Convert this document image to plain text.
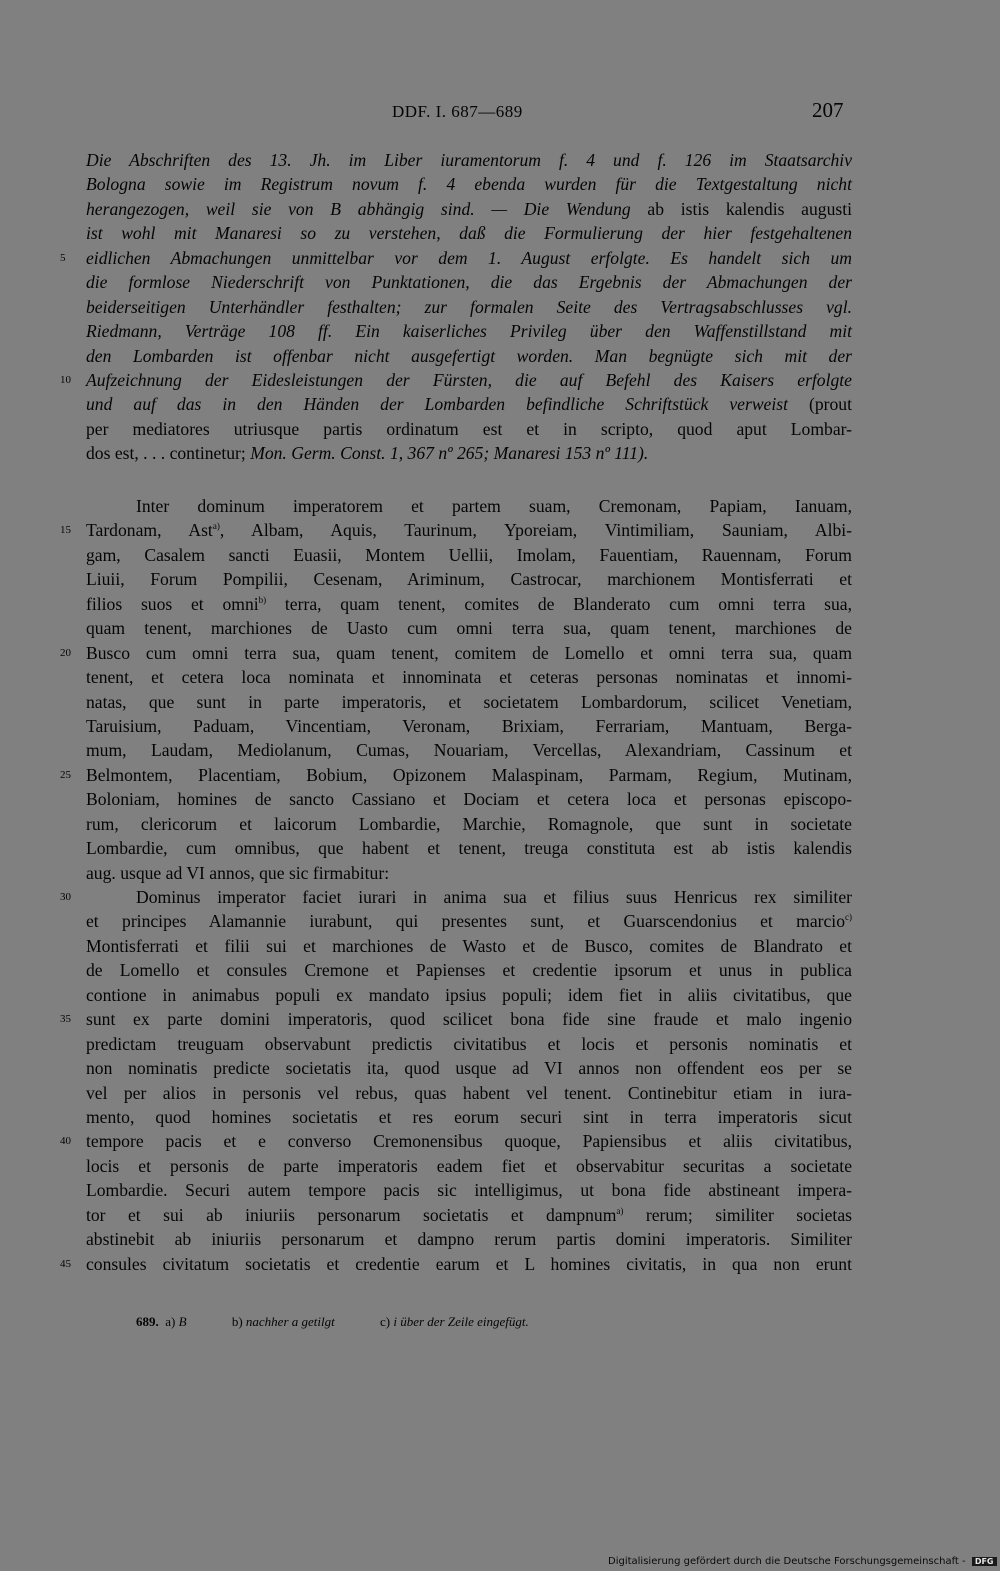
DDF. I. 687—689	207
Die Abschriften des 13. Jh. im Liber iuramentorum f. 4 und f. 126 im Staatsarchiv
Bologna sowie im Registrum novum f. 4 ebenda wurden für die Textgestaltung nicht
herangezogen, weil sie von B abhängig sind. — Die Wendung ab istis kalendis augusti
ist wohl mit Manaresi so zu verstehen, daß die Formulierung der hier festgehaltenen
5	eidlichen Abmachungen unmittelbar vor dem 1. August erfolgte. Es handelt sich um
die formlose Niederschrift von Punktationen, die das Ergebnis der Abmachungen der
beiderseitigen Unterhändler festhalten; zur formalen Seite des Vertragsabschlusses vgl.
Riedmann, Verträge 108 ff. Ein kaiserliches Privileg über den Waffenstillstand mit
den Lombarden ist offenbar nicht ausgefertigt worden. Man begnügte sich mit der
10 Aufzeichnung der Eidesleistungen der Fürsten, die auf Befehl des Kaisers erfolgte
und auf das in den Händen der Lombarden befindliche Schriftstück verweist (prout
per mediatores utriusque partis ordinatum est et in scripto, quod aput Lombar-
dos est, . . . continetur; Mon. Germ. Const. 1, 367 nº 265; Manaresi 153 nº 111).
Inter dominum imperatorem et partem suam, Cremonam, Papiam, Ianuam,
15 Tardonam, Ast$^{a)}$, Albam, Aquis, Taurinum, Yporeiam, Vintimiliam, Sauniam, Albi-
gam, Casalem sancti Euasii, Montem Uellii, Imolam, Fauentiam, Rauennam, Forum
Liuii, Forum Pompilii, Cesenam, Ariminum, Castrocar, marchionem Montisferrati et
filios suos et omni$^{b)}$ terra, quam tenent, comites de Blanderato cum omni terra sua,
quam tenent, marchiones de Uasto cum omni terra sua, quam tenent, marchiones de
20 Busco cum omni terra sua, quam tenent, comitem de Lomello et omni terra sua, quam
tenent, et cetera loca nominata et innominata et ceteras personas nominatas et innomi-
natas, que sunt in parte imperatoris, et societatem Lombardorum, scilicet Venetiam,
Taruisium, Paduam, Vincentiam, Veronam, Brixiam, Ferrariam, Mantuam, Berga-
mum, Laudam, Mediolanum, Cumas, Nouariam, Vercellas, Alexandriam, Cassinum et
25 Belmontem, Placentiam, Bobium, Opizonem Malaspinam, Parmam, Regium, Mutinam,
Boloniam, homines de sancto Cassiano et Dociam et cetera loca et personas episcopo-
rum, clericorum et laicorum Lombardie, Marchie, Romagnole, que sunt in societate
Lombardie, cum omnibus, que habent et tenent, treuga constituta est ab istis kalendis
aug. usque ad VI annos, que sic firmabitur:
30	Dominus imperator faciet iurari in anima sua et filius suus Henricus rex similiter
et principes Alamannie iurabunt, qui presentes sunt, et Guarscendonius et marcio$^{c)}$
Montisferrati et filii sui et marchiones de Wasto et de Busco, comites de Blandrato et
de Lomello et consules Cremone et Papienses et credentie ipsorum et unus in publica
contione in animabus populi ex mandato ipsius populi; idem fiet in aliis civitatibus, que
35 sunt ex parte domini imperatoris, quod scilicet bona fide sine fraude et malo ingenio
predictam treuguam observabunt predictis civitatibus et locis et personis nominatis et
non nominatis predicte societatis ita, quod usque ad VI annos non offendent eos per se
vel per alios in personis vel rebus, quas habent vel tenent. Continebitur etiam in iura-
mento, quod homines societatis et res eorum securi sint in terra imperatoris sicut
40 tempore pacis et e converso Cremonensibus quoque, Papiensibus et aliis civitatibus,
locis et personis de parte imperatoris eadem fiet et observabitur securitas a societate
Lombardie. Securi autem tempore pacis sic intelligimus, ut bona fide abstineant imperа-
tor et sui ab iniuriis personarum societatis et dampnum$^{a)}$ rerum; similiter societas
abstinebit ab iniuriis personarum et dampno rerum partis domini imperatoris. Similiter
45 consules civitatum societatis et credentie earum et L homines civitatis, in qua non erunt
689. a) B	b) nachher a getilgt	c) i über der Zeile eingefügt.
Digitalisierung gefördert durch die Deutsche Forschungsgemeinschaft - DFG
